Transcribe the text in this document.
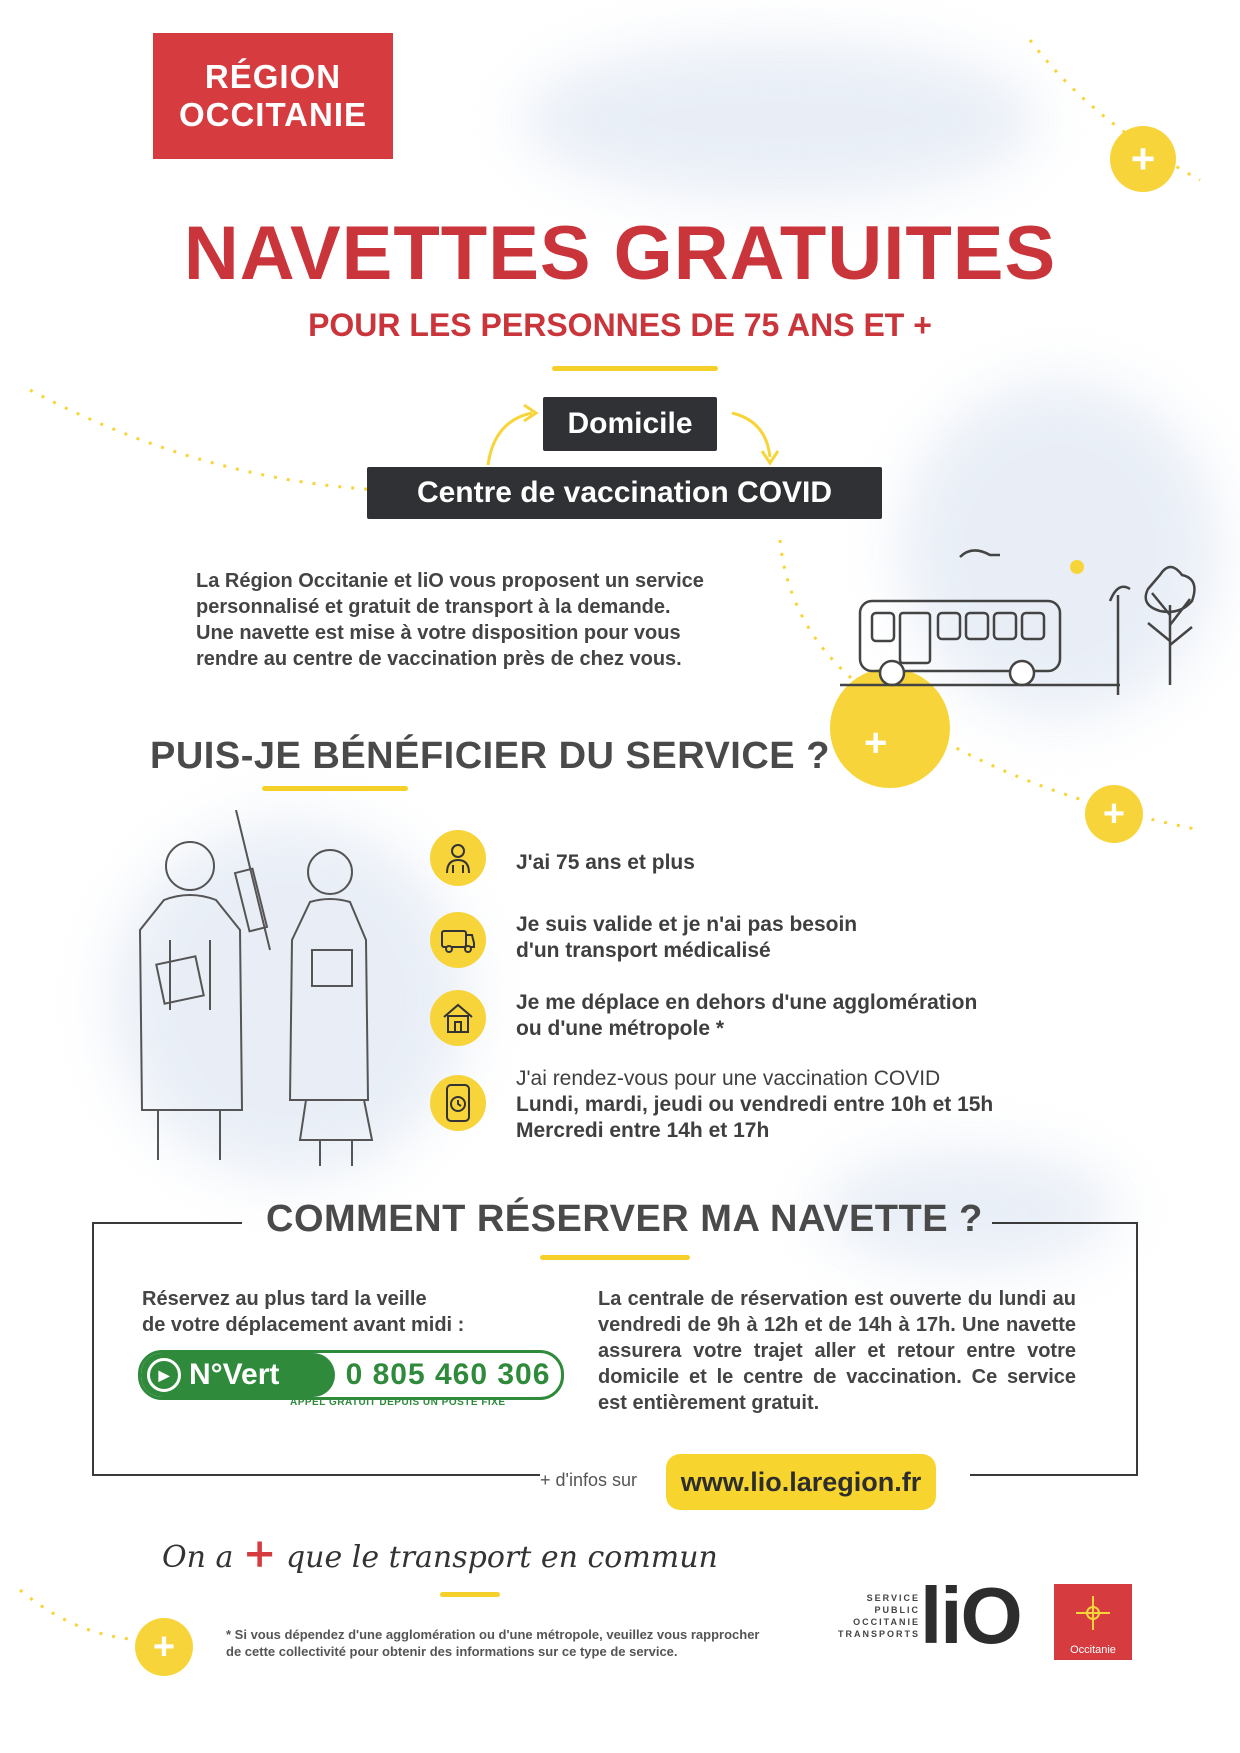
+
+
+
+
RÉGION
OCCITANIE
NAVETTES GRATUITES
POUR LES PERSONNES DE 75 ANS ET +
Domicile
Centre de vaccination COVID
La Région Occitanie et liO vous proposent un service
personnalisé et gratuit de transport à la demande.
Une navette est mise à votre disposition pour vous
rendre au centre de vaccination près de chez vous.
PUIS-JE BÉNÉFICIER DU SERVICE ?
J'ai 75 ans et plus
Je suis valide et je n'ai pas besoin
d'un transport médicalisé
Je me déplace en dehors d'une agglomération
ou d'une métropole *
J'ai rendez-vous pour une vaccination COVID
Lundi, mardi, jeudi ou vendredi entre 10h et 15h
Mercredi entre 14h et 17h
COMMENT RÉSERVER MA NAVETTE ?
Réservez au plus tard la veille
de votre déplacement avant midi :
▶ N°Vert	0 805 460 306
APPEL GRATUIT DEPUIS UN POSTE FIXE
La centrale de réservation est ouverte du lundi au vendredi de 9h à 12h et de 14h à 17h. Une navette assurera votre trajet aller et retour entre votre domicile et le centre de vaccination. Ce service est entièrement gratuit.
+ d'infos sur	www.lio.laregion.fr
On a + que le transport en commun
* Si vous dépendez d'une agglomération ou d'une métropole, veuillez vous rapprocher
de cette collectivité pour obtenir des informations sur ce type de service.
SERVICE
PUBLIC
OCCITANIE
TRANSPORTS liO	Occitanie
